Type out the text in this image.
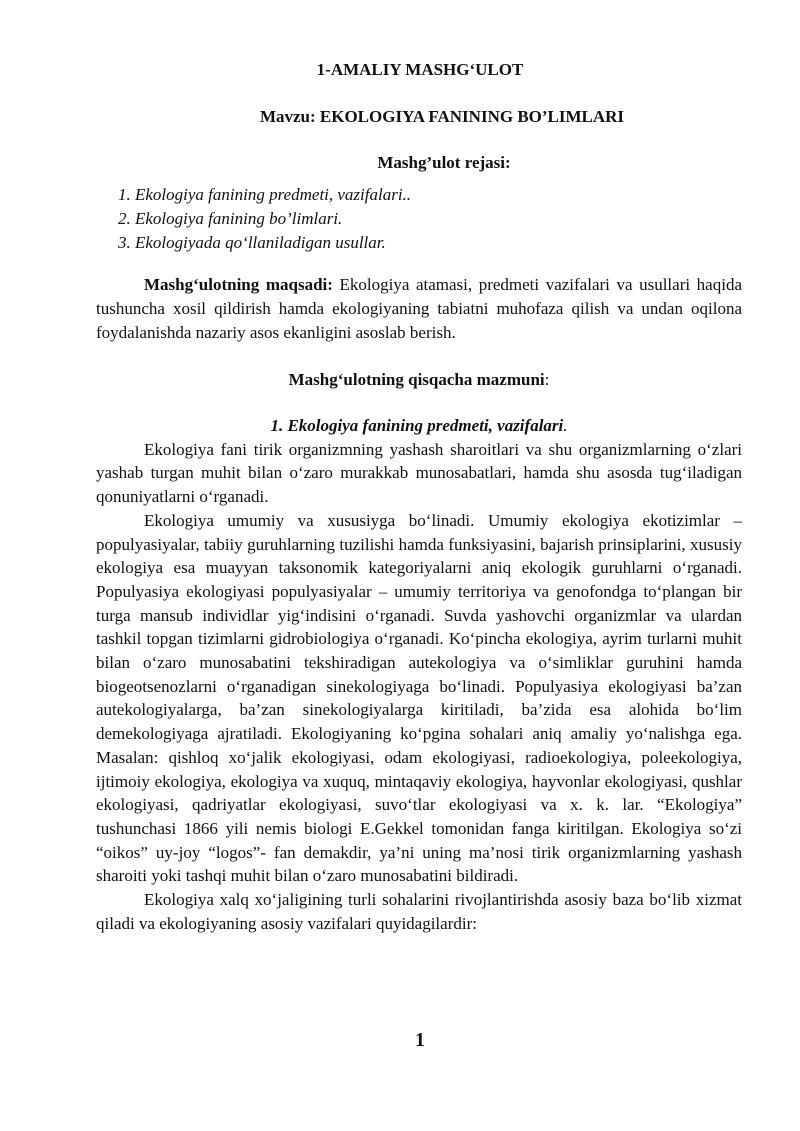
1-AMALIY MASHG‘ULOT
Mavzu: EKOLOGIYA FANINING BO’LIMLARI
Mashg’ulot rejasi:
1. Ekologiya fanining predmeti, vazifalari..
2. Ekologiya fanining bo’limlari.
3. Ekologiyada qo‘llaniladigan usullar.

Mashg‘ulotning maqsadi: Ekologiya atamasi, predmeti vazifalari va usullari haqida tushuncha xosil qildirish hamda ekologiyaning tabiatni muhofaza qilish va undan oqilona foydalanishda nazariy asos ekanligini asoslab berish.

Mashg‘ulotning qisqacha mazmuni:
1. Ekologiya fanining predmeti, vazifalari.

Ekologiya fani tirik organizmning yashash sharoitlari va shu organizmlarning o‘zlari yashab turgan muhit bilan o‘zaro murakkab munosabatlari, hamda shu asosda tug‘iladigan qonuniyatlarni o‘rganadi.

Ekologiya umumiy va xususiyga bo‘linadi. Umumiy ekologiya ekotizimlar – populyasiyalar, tabiiy guruhlarning tuzilishi hamda funksiyasini, bajarish prinsiplarini, xususiy ekologiya esa muayyan taksonomik kategoriyalarni aniq ekologik guruhlarni o‘rganadi. Populyasiya ekologiyasi populyasiyalar – umumiy territoriya va genofondga to‘plangan bir turga mansub individlar yig‘indisini o‘rganadi. Suvda yashovchi organizmlar va ulardan tashkil topgan tizimlarni gidrobiologiya o‘rganadi. Ko‘pincha ekologiya, ayrim turlarni muhit bilan o‘zaro munosabatini tekshiradigan autekologiya va o‘simliklar guruhini hamda biogeotsenozlarni o‘rganadigan sinekologiyaga bo‘linadi. Populyasiya ekologiyasi ba’zan autekologiyalarga, ba’zan sinekologiyalarga kiritiladi, ba’zida esa alohida bo‘lim demekologiyaga ajratiladi. Ekologiyaning ko‘pgina sohalari aniq amaliy yo‘nalishga ega. Masalan: qishloq xo‘jalik ekologiyasi, odam ekologiyasi, radioekologiya, poleekologiya, ijtimoiy ekologiya, ekologiya va xuquq, mintaqaviy ekologiya, hayvonlar ekologiyasi, qushlar ekologiyasi, qadriyatlar ekologiyasi, suvo‘tlar ekologiyasi va x. k. lar. “Ekologiya” tushunchasi 1866 yili nemis biologi E.Gekkel tomonidan fanga kiritilgan. Ekologiya so‘zi “oikos” uy-joy “logos”- fan demakdir, ya’ni uning ma’nosi tirik organizmlarning yashash sharoiti yoki tashqi muhit bilan o‘zaro munosabatini bildiradi.

Ekologiya xalq xo‘jaligining turli sohalarini rivojlantirishda asosiy baza bo‘lib xizmat qiladi va ekologiyaning asosiy vazifalari quyidagilardir:

1
